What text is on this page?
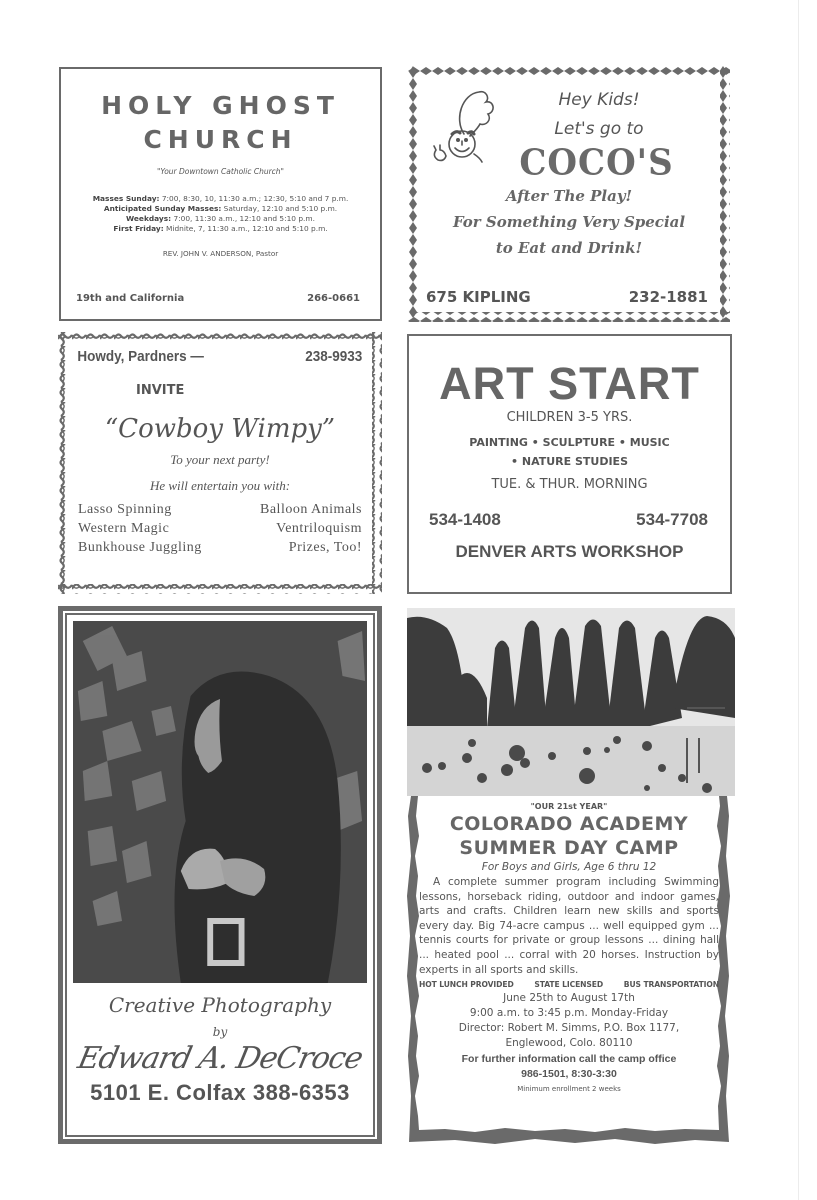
HOLY GHOST
CHURCH
"Your Downtown Catholic Church"
Masses Sunday: 7:00, 8:30, 10, 11:30 a.m.; 12:30, 5:10 and 7 p.m.
Anticipated Sunday Masses: Saturday, 12:10 and 5:10 p.m.
Weekdays: 7:00, 11:30 a.m., 12:10 and 5:10 p.m.
First Friday: Midnite, 7, 11:30 a.m., 12:10 and 5:10 p.m.
REV. JOHN V. ANDERSON, Pastor
19th and California	266-0661
Hey Kids!
Let's go to
COCO'S
After The Play!
For Something Very Special
to Eat and Drink!
675 KIPLING	232-1881
Howdy, Pardners —	238-9933
INVITE
“Cowboy Wimpy”
To your next party!
He will entertain you with:
Lasso Spinning	Balloon Animals
Western Magic	Ventriloquism
Bunkhouse Juggling	Prizes, Too!
ART START
CHILDREN 3-5 YRS.
PAINTING • SCULPTURE • MUSIC
• NATURE STUDIES
TUE. & THUR. MORNING
534-1408	534-7708
DENVER ARTS WORKSHOP
Creative Photography
by
Edward A. DeCroce
5101 E. Colfax 388-6353
"OUR 21st YEAR"
COLORADO ACADEMY
SUMMER DAY CAMP
For Boys and Girls, Age 6 thru 12
A complete summer program including Swimming lessons, horseback riding, outdoor and indoor games, arts and crafts. Children learn new skills and sports every day. Big 74-acre campus ... well equipped gym ... tennis courts for private or group lessons ... dining hall ... heated pool ... corral with 20 horses. Instruction by experts in all sports and skills.
HOT LUNCH PROVIDED	STATE LICENSED	BUS TRANSPORTATION
June 25th to August 17th
9:00 a.m. to 3:45 p.m. Monday-Friday
Director: Robert M. Simms, P.O. Box 1177,
Englewood, Colo. 80110
For further information call the camp office
986-1501, 8:30-3:30
Minimum enrollment 2 weeks
